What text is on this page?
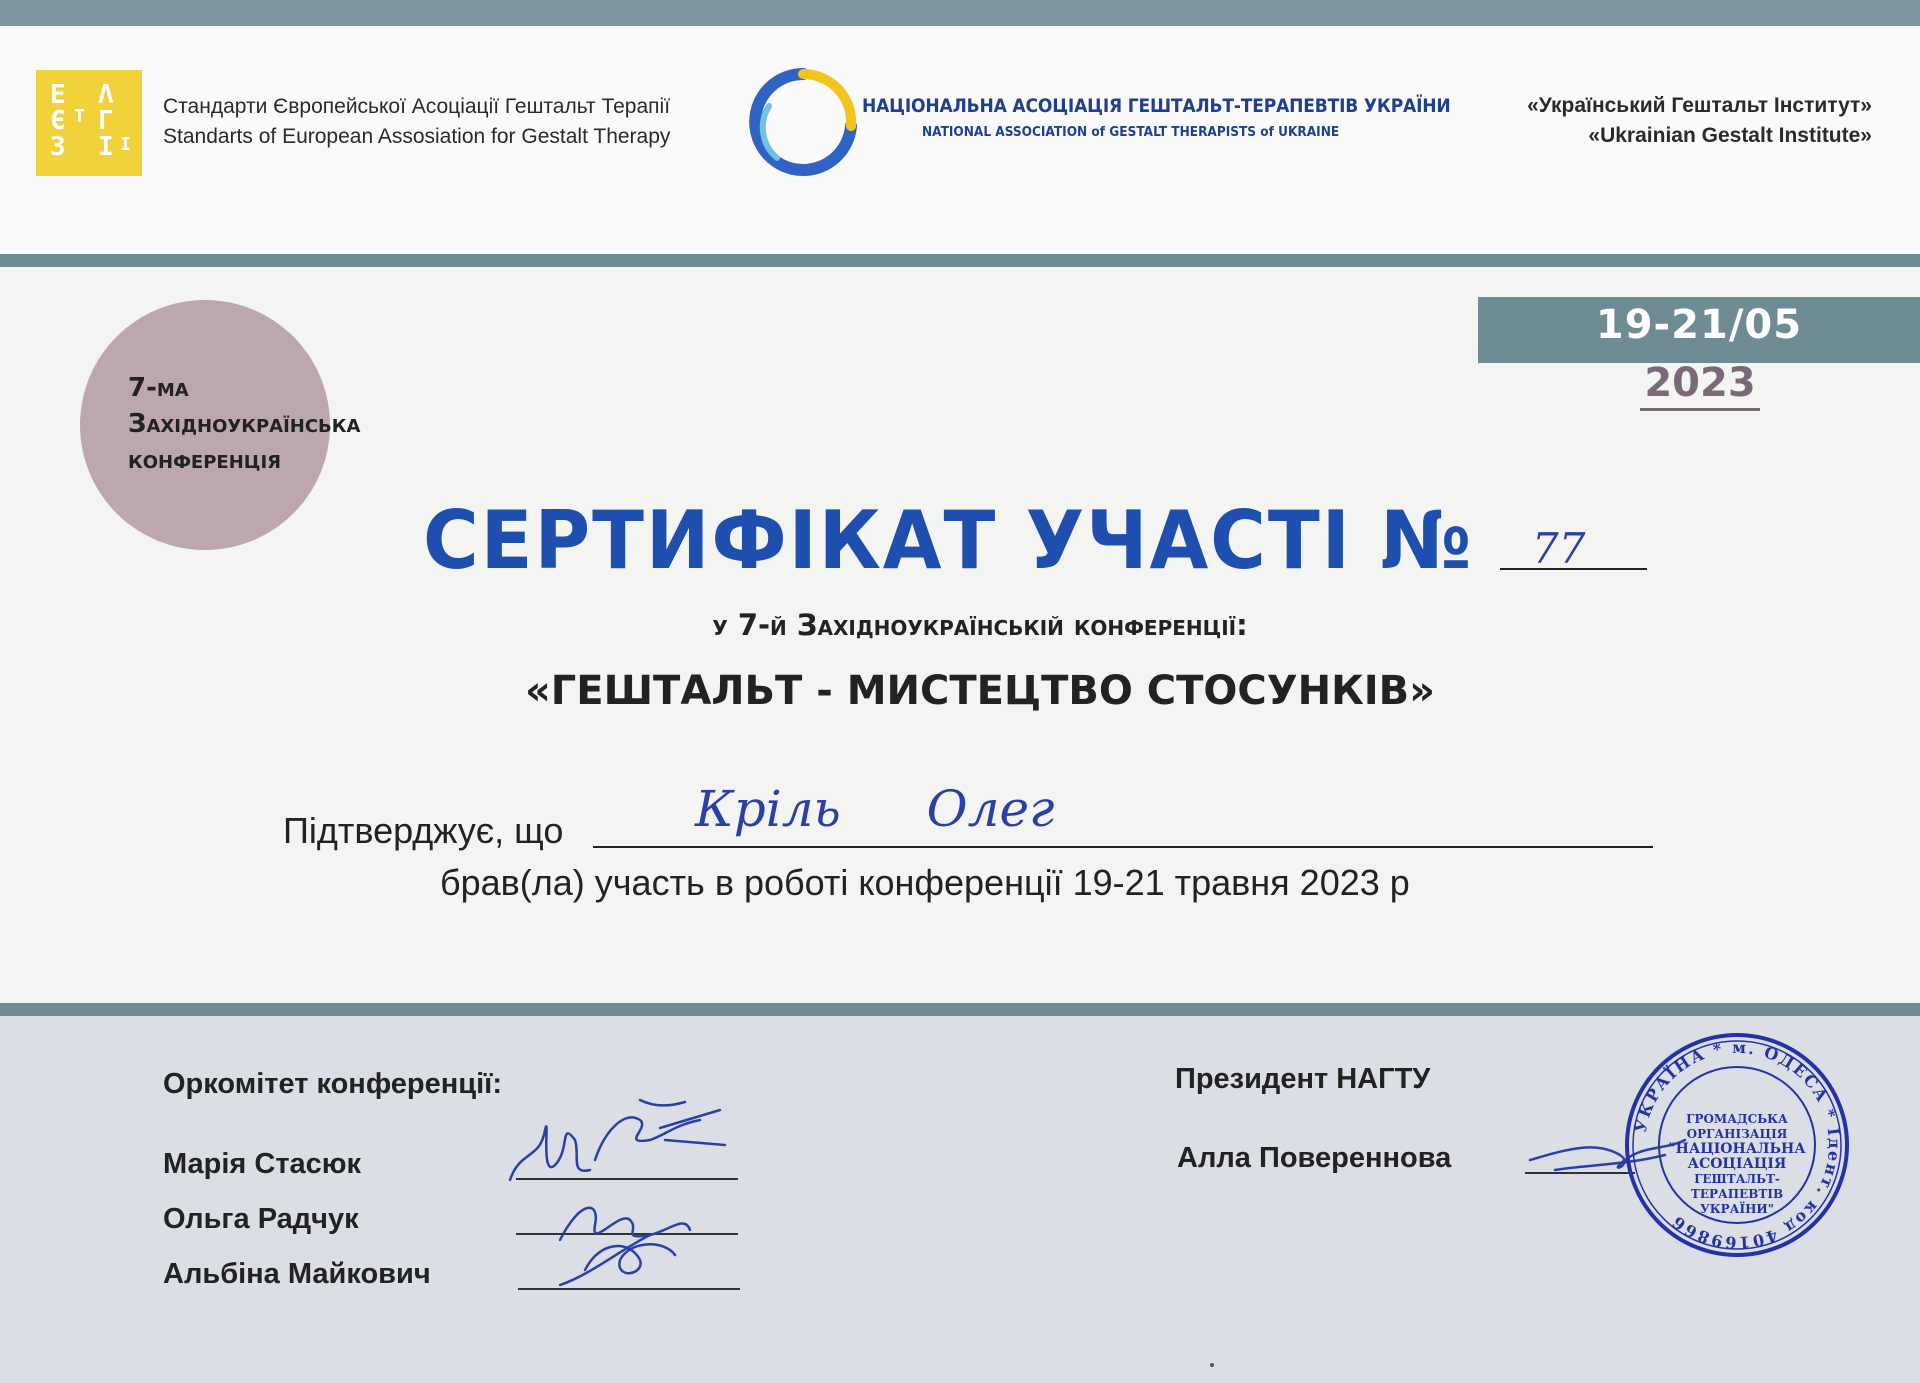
Е Λ
Є Γ
З І
Т
І
Стандарти Європейської Асоціації Гештальт Терапії
Standarts of European Assosiation for Gestalt Therapy
НАЦІОНАЛЬНА АСОЦІАЦІЯ ГЕШТАЛЬТ-ТЕРАПЕВТІВ УКРАЇНИ
NATIONAL ASSOCIATION of GESTALT THERAPISTS of UKRAINE
«Український Гештальт Інститут»
«Ukrainian Gestalt Institute»
19-21/05
2023
7-ма
Західноукраїнська
конференція
СЕРТИФІКАТ УЧАСТІ № 77
у 7-й Західноукраїнській конференції:
«ГЕШТАЛЬТ - МИСТЕЦТВО СТОСУНКІВ»
Підтверджує, що	Кріль Олег
брав(ла) участь в роботі конференції 19-21 травня 2023 р
Оркомітет конференції:
Марія Стасюк
Ольга Радчук
Альбіна Майкович
Президент НАГТУ
Алла Повереннова
УКРАЇНА * м. ОДЕСА * Ідент. код 40169866
ГРОМАДСЬКА
ОРГАНІЗАЦІЯ
"НАЦІОНАЛЬНА
АСОЦІАЦІЯ
ГЕШТАЛЬТ-ТЕРАПЕВТІВ
УКРАЇНИ"
